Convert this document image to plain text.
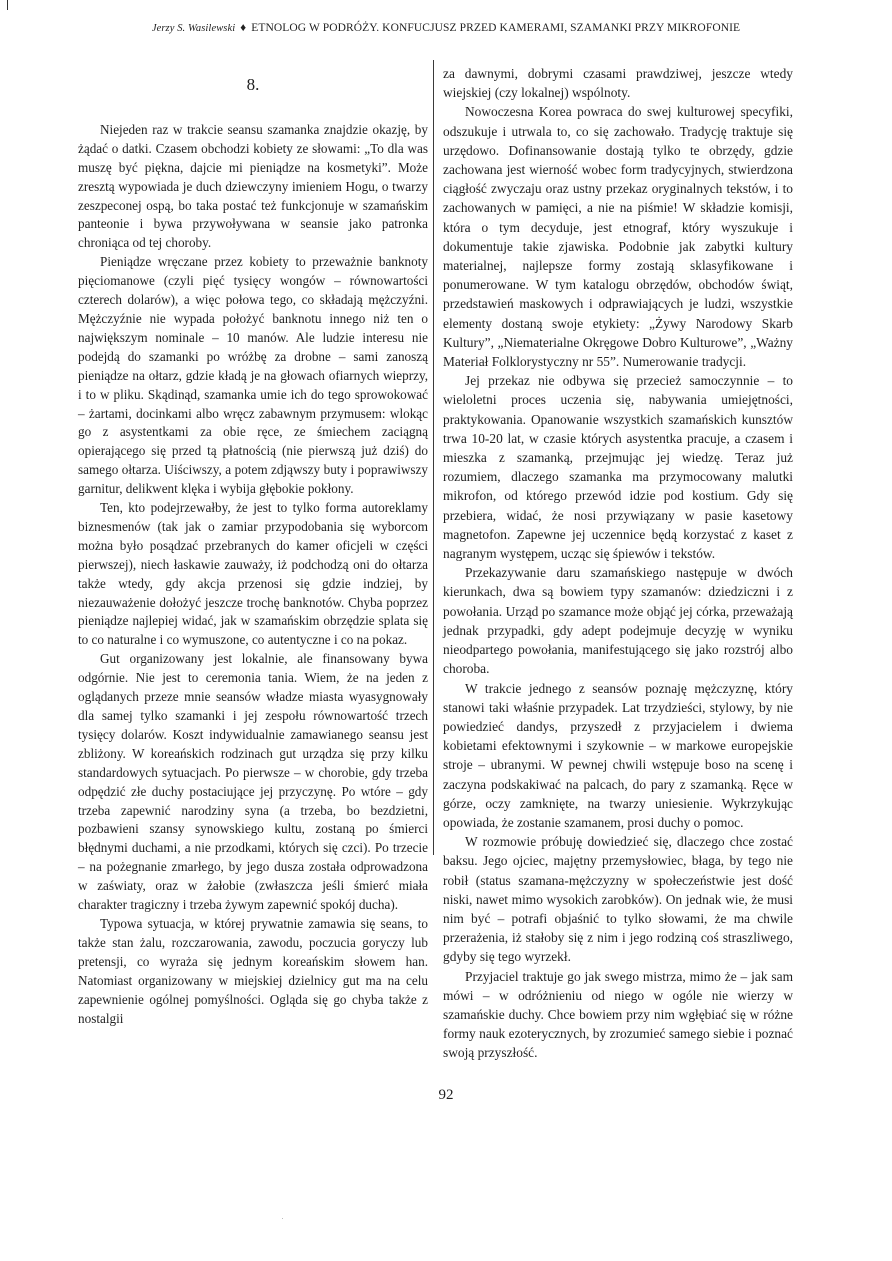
Jerzy S. Wasilewski ♦ ETNOLOG W PODRÓŻY. KONFUCJUSZ PRZED KAMERAMI, SZAMANKI PRZY MIKROFONIE
8.

Niejeden raz w trakcie seansu szamanka znajdzie okazję, by żądać o datki. Czasem obchodzi kobiety ze słowami: „To dla was muszę być piękna, dajcie mi pieniądze na kosmetyki”. Może zresztą wypowiada je duch dziewczyny imieniem Hogu, o twarzy zeszpeconej ospą, bo taka postać też funkcjonuje w szamańskim panteonie i bywa przywoływana w seansie jako patronka chroniąca od tej choroby.

Pieniądze wręczane przez kobiety to przeważnie banknoty pięciomanowe (czyli pięć tysięcy wongów – równowartości czterech dolarów), a więc połowa tego, co składają mężczyźni. Mężczyźnie nie wypada położyć banknotu innego niż ten o największym nominale – 10 manów. Ale ludzie interesu nie podejdą do szamanki po wróżbę za drobne – sami zanoszą pieniądze na ołtarz, gdzie kładą je na głowach ofiarnych wieprzy, i to w pliku. Skądinąd, szamanka umie ich do tego sprowokować – żartami, docinkami albo wręcz zabawnym przymusem: wlokąc go z asystentkami za obie ręce, ze śmiechem zaciągną opierającego się przed tą płatnością (nie pierwszą już dziś) do samego ołtarza. Uiściwszy, a potem zdjąwszy buty i poprawiwszy garnitur, delikwent klęka i wybija głębokie pokłony.

Ten, kto podejrzewałby, że jest to tylko forma autoreklamy biznesmenów (tak jak o zamiar przypodobania się wyborcom można było posądzać przebranych do kamer oficjeli w części pierwszej), niech łaskawie zauważy, iż podchodzą oni do ołtarza także wtedy, gdy akcja przenosi się gdzie indziej, by niezauważenie dołożyć jeszcze trochę banknotów. Chyba poprzez pieniądze najlepiej widać, jak w szamańskim obrzędzie splata się to co naturalne i co wymuszone, co autentyczne i co na pokaz.

Gut organizowany jest lokalnie, ale finansowany bywa odgórnie. Nie jest to ceremonia tania. Wiem, że na jeden z oglądanych przeze mnie seansów władze miasta wyasygnowały dla samej tylko szamanki i jej zespołu równowartość trzech tysięcy dolarów. Koszt indywidualnie zamawianego seansu jest zbliżony. W koreańskich rodzinach gut urządza się przy kilku standardowych sytuacjach. Po pierwsze – w chorobie, gdy trzeba odpędzić złe duchy postaciujące jej przyczynę. Po wtóre – gdy trzeba zapewnić narodziny syna (a trzeba, bo bezdzietni, pozbawieni szansy synowskiego kultu, zostaną po śmierci błędnymi duchami, a nie przodkami, których się czci). Po trzecie – na pożegnanie zmarłego, by jego dusza została odprowadzona w zaświaty, oraz w żałobie (zwłaszcza jeśli śmierć miała charakter tragiczny i trzeba żywym zapewnić spokój ducha).

Typowa sytuacja, w której prywatnie zamawia się seans, to także stan żalu, rozczarowania, zawodu, poczucia goryczy lub pretensji, co wyraża się jednym koreańskim słowem han. Natomiast organizowany w miejskiej dzielnicy gut ma na celu zapewnienie ogólnej pomyślności. Ogląda się go chyba także z nostalgii

za dawnymi, dobrymi czasami prawdziwej, jeszcze wtedy wiejskiej (czy lokalnej) wspólnoty.

Nowoczesna Korea powraca do swej kulturowej specyfiki, odszukuje i utrwala to, co się zachowało. Tradycję traktuje się urzędowo. Dofinansowanie dostają tylko te obrzędy, gdzie zachowana jest wierność wobec form tradycyjnych, stwierdzona ciągłość zwyczaju oraz ustny przekaz oryginalnych tekstów, i to zachowanych w pamięci, a nie na piśmie! W składzie komisji, która o tym decyduje, jest etnograf, który wyszukuje i dokumentuje takie zjawiska. Podobnie jak zabytki kultury materialnej, najlepsze formy zostają sklasyfikowane i ponumerowane. W tym katalogu obrzędów, obchodów świąt, przedstawień maskowych i odprawiających je ludzi, wszystkie elementy dostaną swoje etykiety: „Żywy Narodowy Skarb Kultury”, „Niematerialne Okręgowe Dobro Kulturowe”, „Ważny Materiał Folklorystyczny nr 55”. Numerowanie tradycji.

Jej przekaz nie odbywa się przecież samoczynnie – to wieloletni proces uczenia się, nabywania umiejętności, praktykowania. Opanowanie wszystkich szamańskich kunsztów trwa 10-20 lat, w czasie których asystentka pracuje, a czasem i mieszka z szamanką, przejmując jej wiedzę. Teraz już rozumiem, dlaczego szamanka ma przymocowany malutki mikrofon, od którego przewód idzie pod kostium. Gdy się przebiera, widać, że nosi przywiązany w pasie kasetowy magnetofon. Zapewne jej uczennice będą korzystać z kaset z nagranym występem, ucząc się śpiewów i tekstów.

Przekazywanie daru szamańskiego następuje w dwóch kierunkach, dwa są bowiem typy szamanów: dziedziczni i z powołania. Urząd po szamance może objąć jej córka, przeważają jednak przypadki, gdy adept podejmuje decyzję w wyniku nieodpartego powołania, manifestującego się jako rozstrój albo choroba.

W trakcie jednego z seansów poznaję mężczyznę, który stanowi taki właśnie przypadek. Lat trzydzieści, stylowy, by nie powiedzieć dandys, przyszedł z przyjacielem i dwiema kobietami efektownymi i szykownie – w markowe europejskie stroje – ubranymi. W pewnej chwili wstępuje boso na scenę i zaczyna podskakiwać na palcach, do pary z szamanką. Ręce w górze, oczy zamknięte, na twarzy uniesienie. Wykrzykując opowiada, że zostanie szamanem, prosi duchy o pomoc.

W rozmowie próbuję dowiedzieć się, dlaczego chce zostać baksu. Jego ojciec, majętny przemysłowiec, błaga, by tego nie robił (status szamana-mężczyzny w społeczeństwie jest dość niski, nawet mimo wysokich zarobków). On jednak wie, że musi nim być – potrafi objaśnić to tylko słowami, że ma chwile przerażenia, iż stałoby się z nim i jego rodziną coś straszliwego, gdyby się tego wyrzekł.

Przyjaciel traktuje go jak swego mistrza, mimo że – jak sam mówi – w odróżnieniu od niego w ogóle nie wierzy w szamańskie duchy. Chce bowiem przy nim wgłębiać się w różne formy nauk ezoterycznych, by zrozumieć samego siebie i poznać swoją przyszłość.

92
